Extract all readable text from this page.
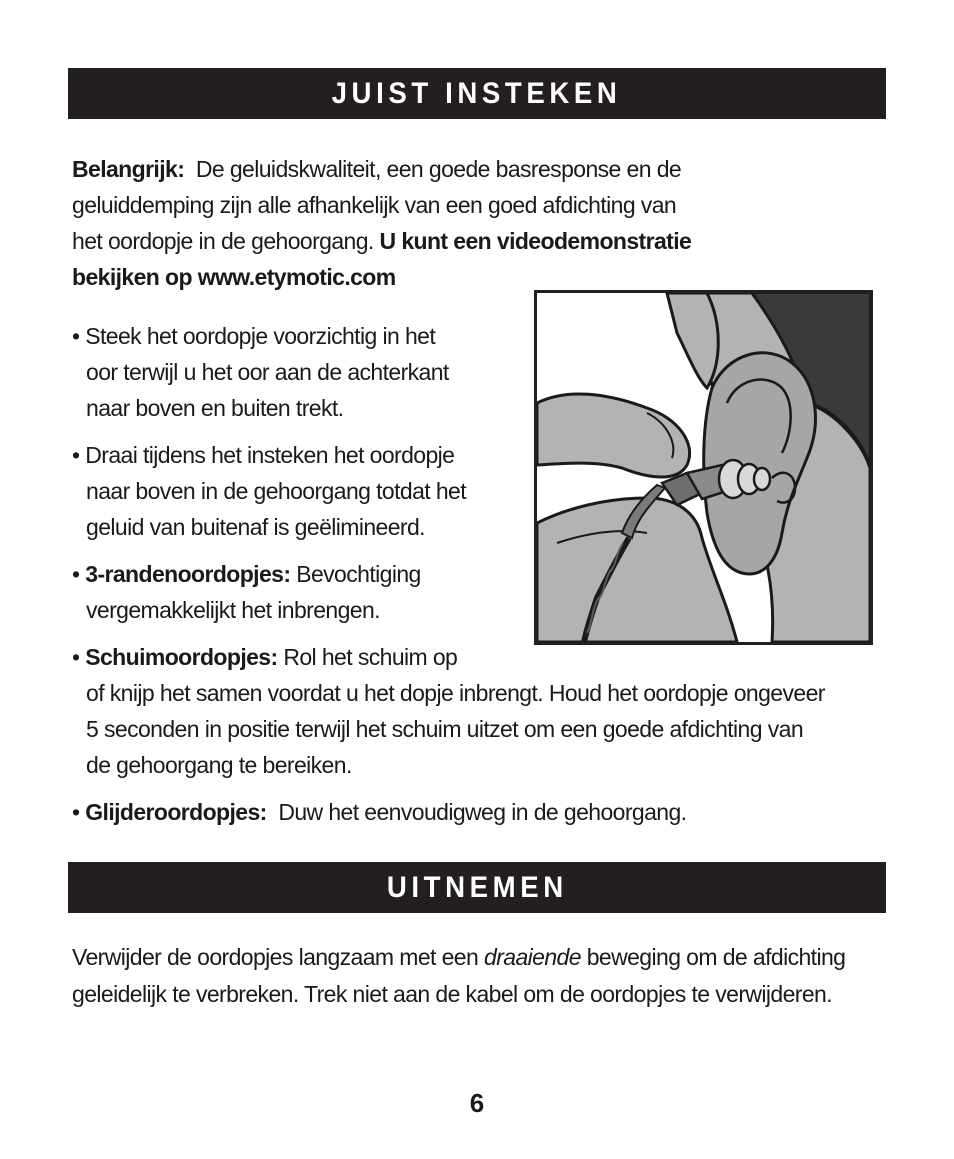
JUIST INSTEKEN
Belangrijk: De geluidskwaliteit, een goede basresponse en de
geluiddemping zijn alle afhankelijk van een goed afdichting van
het oordopje in de gehoorgang. U kunt een videodemonstratie
bekijken op www.etymotic.com
• Steek het oordopje voorzichtig in het
oor terwijl u het oor aan de achterkant
naar boven en buiten trekt.
• Draai tijdens het insteken het oordopje
naar boven in de gehoorgang totdat het
geluid van buitenaf is geëlimineerd.
• 3-randenoordopjes: Bevochtiging
vergemakkelijkt het inbrengen.
• Schuimoordopjes: Rol het schuim op
of knijp het samen voordat u het dopje inbrengt. Houd het oordopje ongeveer
5 seconden in positie terwijl het schuim uitzet om een goede afdichting van
de gehoorgang te bereiken.
• Glijderoordopjes: Duw het eenvoudigweg in de gehoorgang.
UITNEMEN
Verwijder de oordopjes langzaam met een draaiende beweging om de afdichting
geleidelijk te verbreken. Trek niet aan de kabel om de oordopjes te verwijderen.
6
